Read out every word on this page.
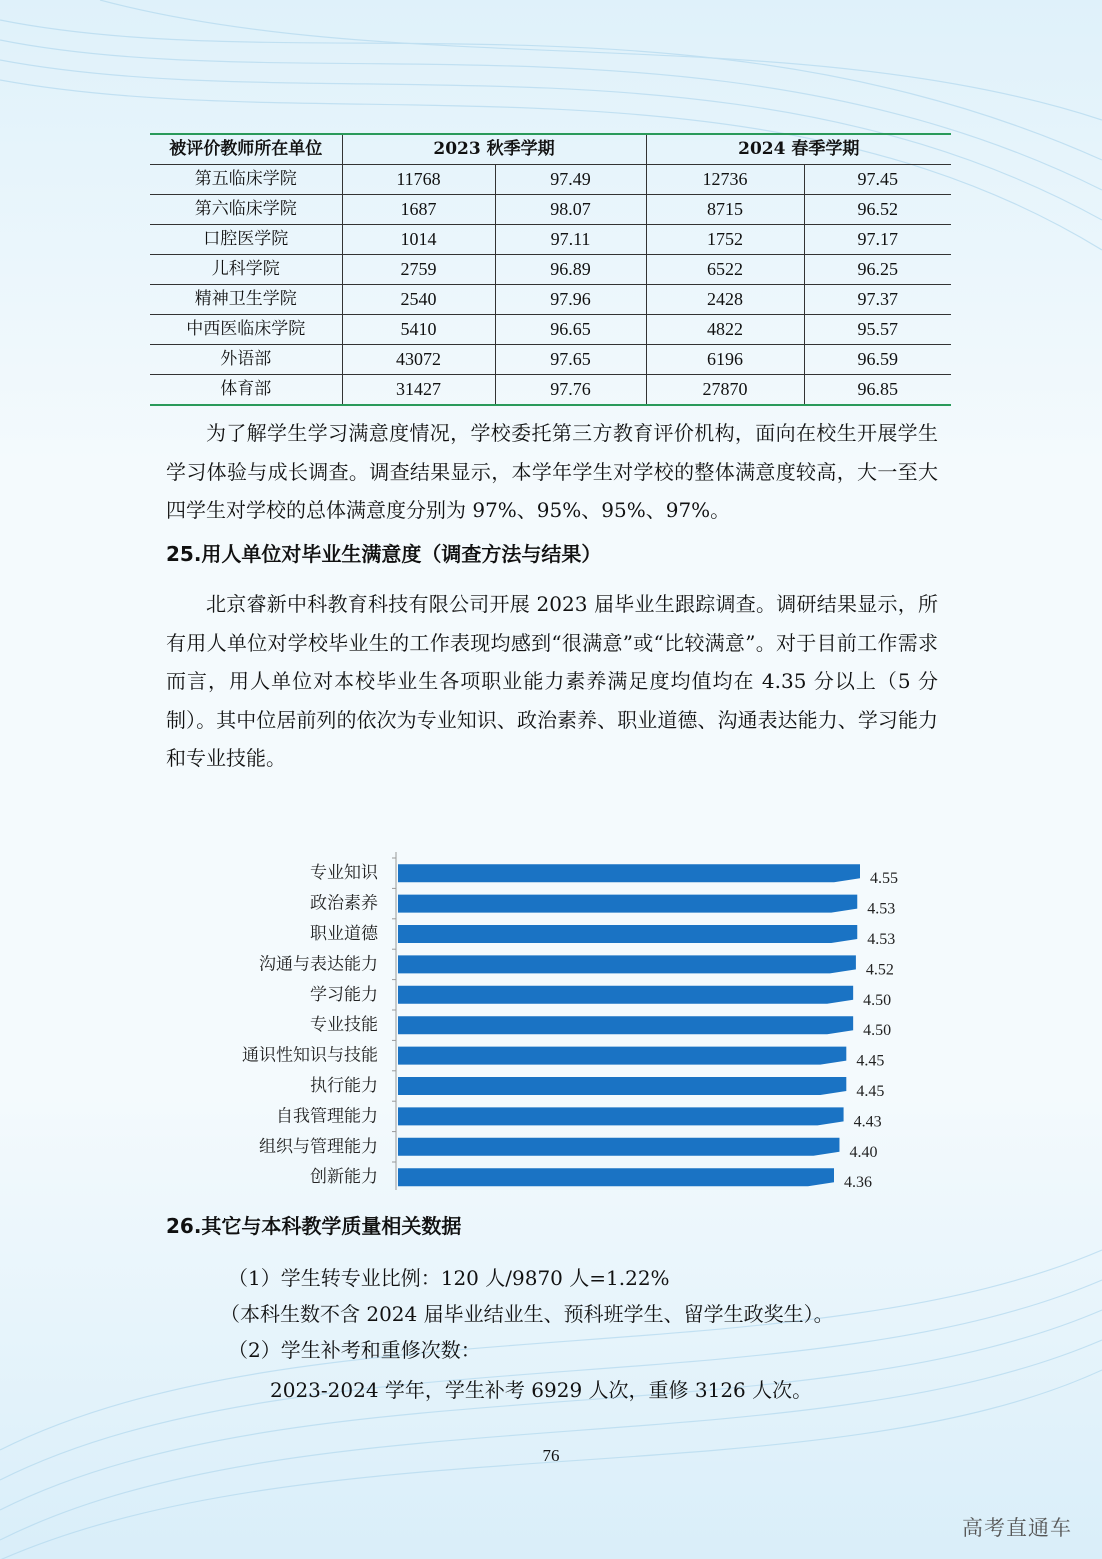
被评价教师所在单位	2023 秋季学期		2024 春季学期	
第五临床学院	11768	97.49	12736	97.45
第六临床学院	1687	98.07	8715	96.52
口腔医学院	1014	97.11	1752	97.17
儿科学院	2759	96.89	6522	96.25
精神卫生学院	2540	97.96	2428	97.37
中西医临床学院	5410	96.65	4822	95.57
外语部	43072	97.65	6196	96.59
体育部	31427	97.76	27870	96.85

为了解学生学习满意度情况，学校委托第三方教育评价机构，面向在校生开展学生学习体验与成长调查。调查结果显示，本学年学生对学校的整体满意度较高，大一至大四学生对学校的总体满意度分别为 97%、95%、95%、97%。

25.用人单位对毕业生满意度（调查方法与结果）

北京睿新中科教育科技有限公司开展 2023 届毕业生跟踪调查。调研结果显示，所有用人单位对学校毕业生的工作表现均感到“很满意”或“比较满意”。对于目前工作需求而言，用人单位对本校毕业生各项职业能力素养满足度均值均在 4.35 分以上（5 分制）。其中位居前列的依次为专业知识、政治素养、职业道德、沟通表达能力、学习能力和专业技能。

专业知识	4.55
政治素养	4.53
职业道德	4.53
沟通与表达能力	4.52
学习能力	4.50
专业技能	4.50
通识性知识与技能	4.45
执行能力	4.45
自我管理能力	4.43
组织与管理能力	4.40
创新能力	4.36

26.其它与本科教学质量相关数据

（1）学生转专业比例：120 人/9870 人=1.22%

（本科生数不含 2024 届毕业结业生、预科班学生、留学生政奖生）。

（2）学生补考和重修次数：

2023-2024 学年，学生补考 6929 人次，重修 3126 人次。

76
高考直通车
